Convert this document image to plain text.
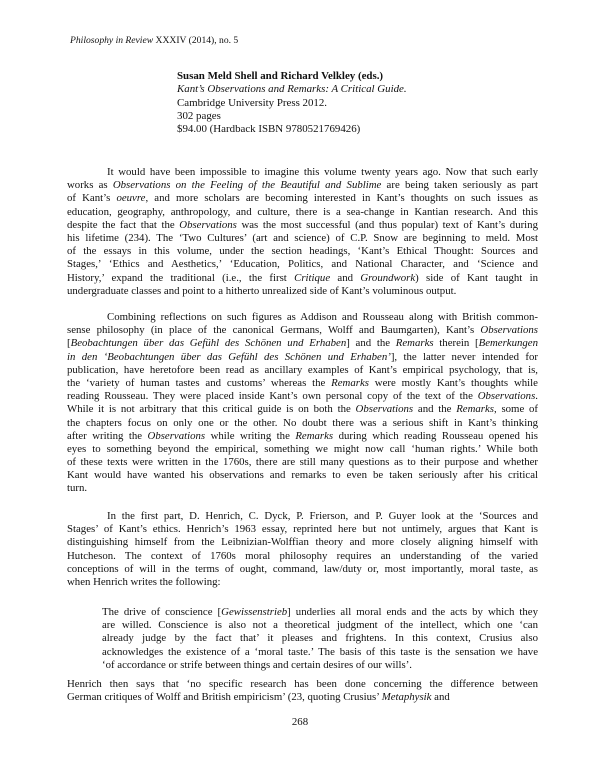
Philosophy in Review XXXIV (2014), no. 5
Susan Meld Shell and Richard Velkley (eds.)
Kant’s Observations and Remarks: A Critical Guide.
Cambridge University Press 2012.
302 pages
$94.00 (Hardback ISBN 9780521769426)
It would have been impossible to imagine this volume twenty years ago. Now that such early
works as Observations on the Feeling of the Beautiful and Sublime are being taken seriously as part
of Kant’s oeuvre, and more scholars are becoming interested in Kant’s thoughts on such issues as
education, geography, anthropology, and culture, there is a sea-change in Kantian research. And this
despite the fact that the Observations was the most successful (and thus popular) text of Kant’s during
his lifetime (234). The ‘Two Cultures’ (art and science) of C.P. Snow are beginning to meld. Most
of the essays in this volume, under the section headings, ‘Kant’s Ethical Thought: Sources and
Stages,’ ‘Ethics and Aesthetics,’ ‘Education, Politics, and National Character, and ‘Science and
History,’ expand the traditional (i.e., the first Critique and Groundwork) side of Kant taught in
undergraduate classes and point to a hitherto unrealized side of Kant’s voluminous output.
Combining reflections on such figures as Addison and Rousseau along with British common-
sense philosophy (in place of the canonical Germans, Wolff and Baumgarten), Kant’s Observations
[Beobachtungen über das Gefühl des Schönen und Erhaben] and the Remarks therein [Bemerkungen
in den ‘Beobachtungen über das Gefühl des Schönen und Erhaben’], the latter never intended for
publication, have heretofore been read as ancillary examples of Kant’s empirical psychology, that is,
the ‘variety of human tastes and customs’ whereas the Remarks were mostly Kant’s thoughts while
reading Rousseau. They were placed inside Kant’s own personal copy of the text of the Observations.
While it is not arbitrary that this critical guide is on both the Observations and the Remarks, some of
the chapters focus on only one or the other. No doubt there was a serious shift in Kant’s thinking
after writing the Observations while writing the Remarks during which reading Rousseau opened his
eyes to something beyond the empirical, something we might now call ‘human rights.’ While both
of these texts were written in the 1760s, there are still many questions as to their purpose and whether
Kant would have wanted his observations and remarks to even be taken seriously after his critical
turn.
In the first part, D. Henrich, C. Dyck, P. Frierson, and P. Guyer look at the ‘Sources and
Stages’ of Kant’s ethics. Henrich’s 1963 essay, reprinted here but not untimely, argues that Kant is
distinguishing himself from the Leibnizian-Wolffian theory and more closely aligning himself with
Hutcheson. The context of 1760s moral philosophy requires an understanding of the varied
conceptions of will in the terms of ought, command, law/duty or, most importantly, moral taste, as
when Henrich writes the following:
The drive of conscience [Gewissenstrieb] underlies all moral ends and the acts by which they
are willed. Conscience is also not a theoretical judgment of the intellect, which one ‘can
already judge by the fact that’ it pleases and frightens. In this context, Crusius also
acknowledges the existence of a ‘moral taste.’ The basis of this taste is the sensation we have
‘of accordance or strife between things and certain desires of our wills’.
Henrich then says that ‘no specific research has been done concerning the difference between
German critiques of Wolff and British empiricism’ (23, quoting Crusius’ Metaphysik and
268
